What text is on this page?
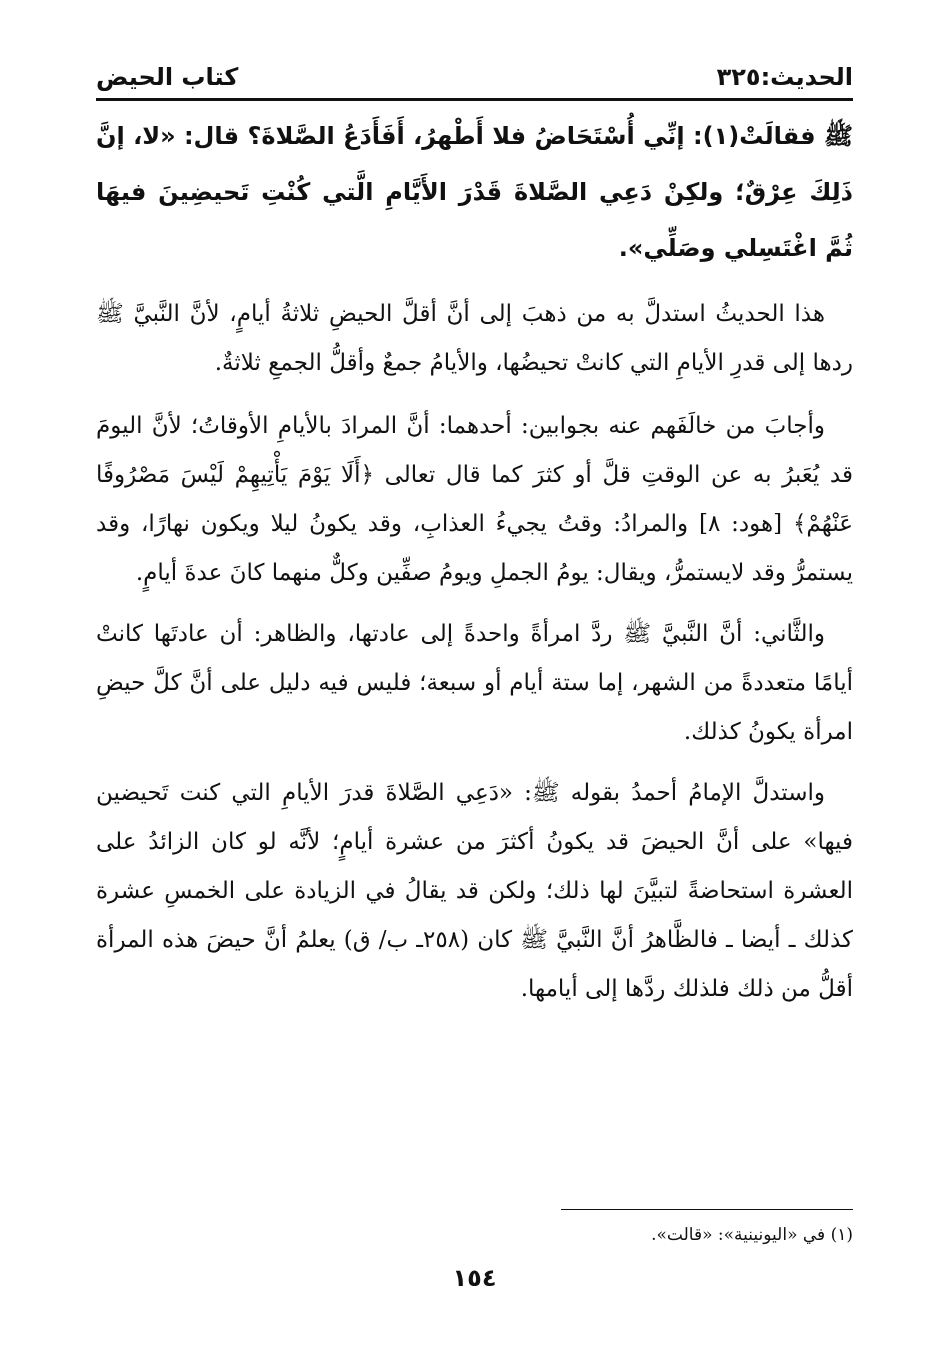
الحديث:٣٢٥
كتاب الحيض

ﷺ فقالَتْ(١): إنِّي أُسْتَحَاضُ فلا أَطْهرُ، أَفَأَدَعُ الصَّلاةَ؟ قال: «لا، إنَّ ذَلِكَ عِرْقٌ؛ ولكِنْ دَعِي الصَّلاةَ قَدْرَ الأَيَّامِ الَّتي كُنْتِ تَحيضِينَ فيهَا ثُمَّ اغْتَسِلي وصَلِّي».

هذا الحديثُ استدلَّ به من ذهبَ إلى أنَّ أقلَّ الحيضِ ثلاثةُ أيامٍ، لأنَّ النَّبيَّ ﷺ ردها إلى قدرِ الأيامِ التي كانتْ تحيضُها، والأيامُ جمعٌ وأقلُّ الجمعِ ثلاثةٌ.

وأجابَ من خالَفَهم عنه بجوابين: أحدهما: أنَّ المرادَ بالأيامِ الأوقاتُ؛ لأنَّ اليومَ قد يُعَبرُ به عن الوقتِ قلَّ أو كثرَ كما قال تعالى ﴿أَلَا يَوْمَ يَأْتِيهِمْ لَيْسَ مَصْرُوفًا عَنْهُمْ﴾ [هود: ٨] والمرادُ: وقتُ يجيءُ العذابِ، وقد يكونُ ليلا ويكون نهارًا، وقد يستمرُّ وقد لايستمرُّ، ويقال: يومُ الجملِ ويومُ صفِّين وكلٌّ منهما كانَ عدةَ أيامٍ.

والثَّاني: أنَّ النَّبيَّ ﷺ ردَّ امرأةً واحدةً إلى عادتها، والظاهر: أن عادتَها كانتْ أيامًا متعددةً من الشهر، إما ستة أيام أو سبعة؛ فليس فيه دليل على أنَّ كلَّ حيضِ امرأة يكونُ كذلك.

واستدلَّ الإمامُ أحمدُ بقوله ﷺ: «دَعِي الصَّلاةَ قدرَ الأيامِ التي كنت تَحيضين فيها» على أنَّ الحيضَ قد يكونُ أكثرَ من عشرة أيامٍ؛ لأنَّه لو كان الزائدُ على العشرة استحاضةً لتبيَّنَ لها ذلك؛ ولكن قد يقالُ في الزيادة على الخمسِ عشرة كذلك ـ أيضا ـ فالظَّاهرُ أنَّ النَّبيَّ ﷺ كان (٢٥٨ـ ب/ ق) يعلمُ أنَّ حيضَ هذه المرأة أقلُّ من ذلك فلذلك ردَّها إلى أيامها.

(١) في «اليونينية»: «قالت».
١٥٤
